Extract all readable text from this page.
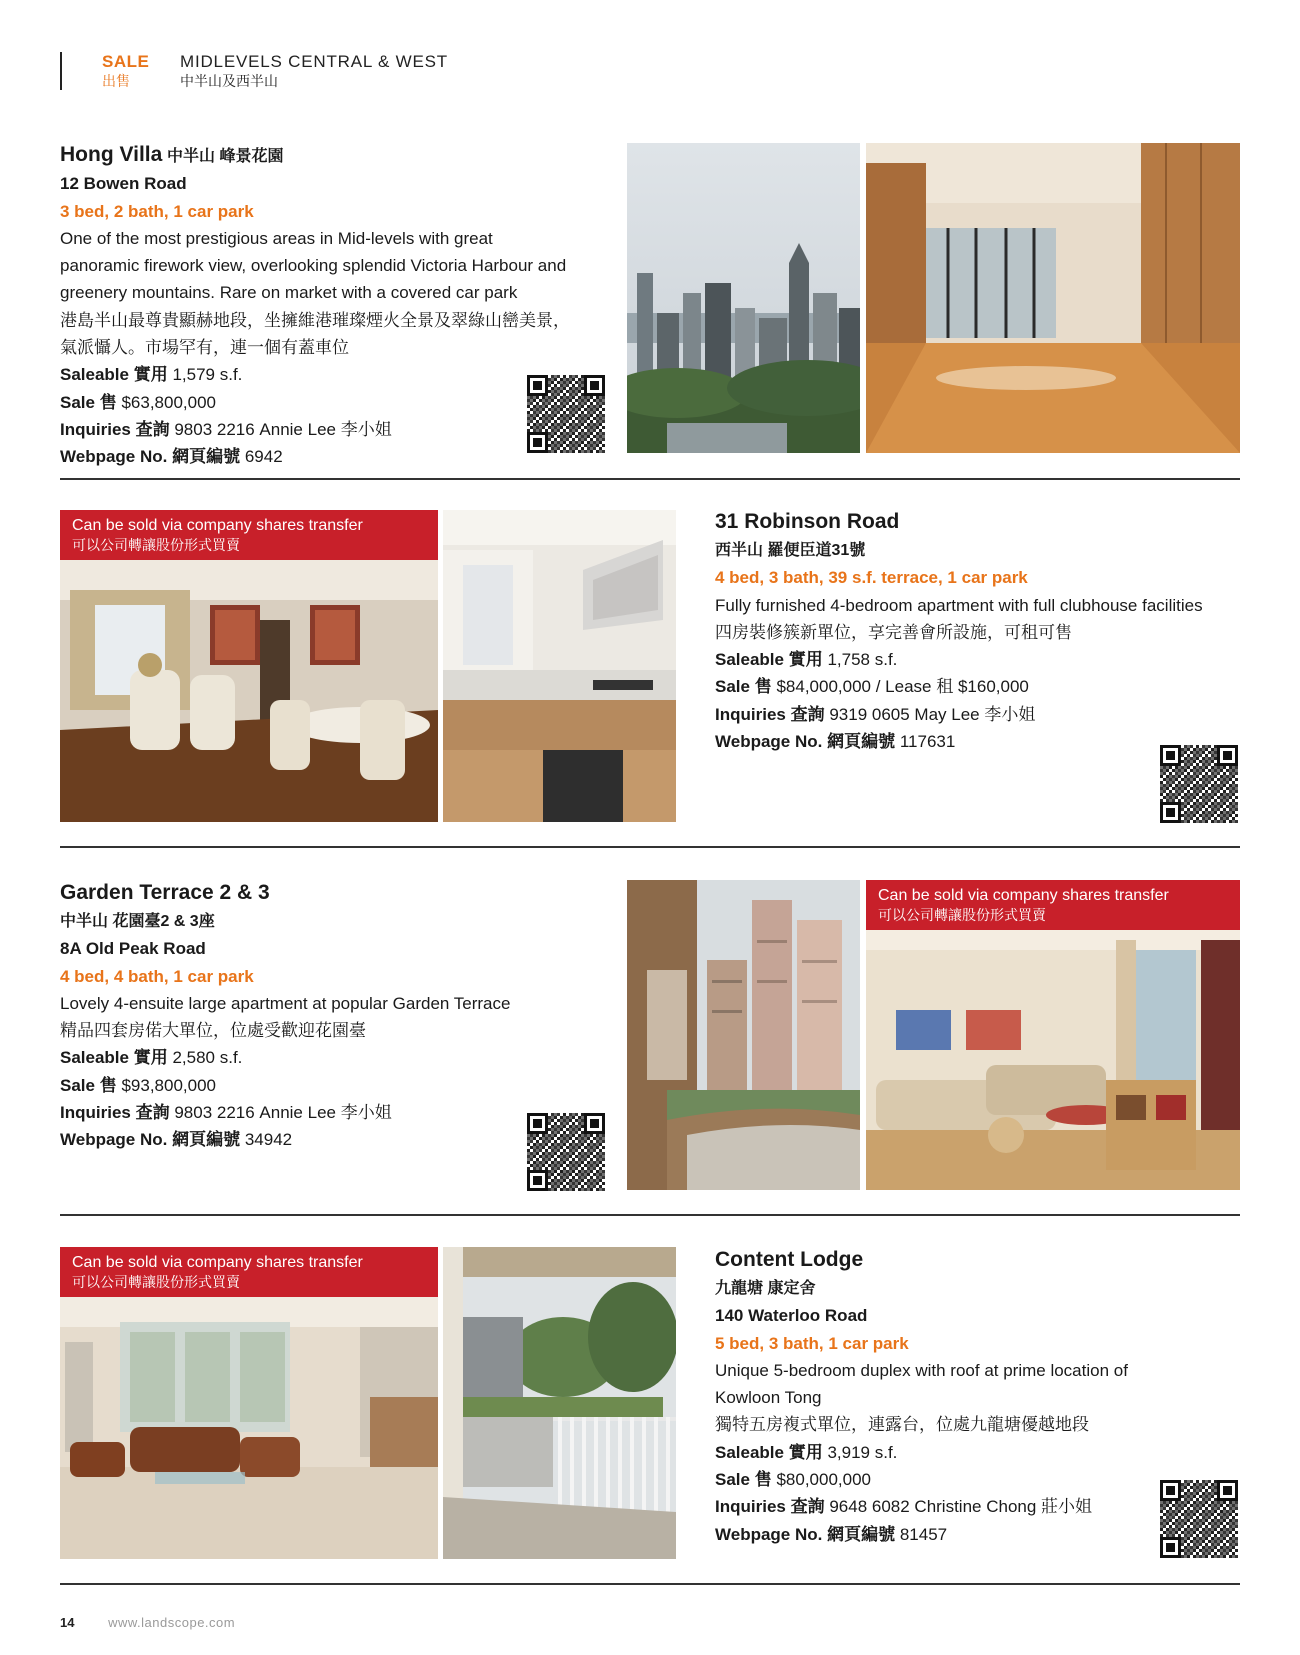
SALE
出售
MIDLEVELS CENTRAL & WEST
中半山及西半山
Hong Villa 中半山 峰景花園
12 Bowen Road
3 bed, 2 bath, 1 car park
One of the most prestigious areas in Mid-levels with great
panoramic firework view, overlooking splendid Victoria Harbour and
greenery mountains. Rare on market with a covered car park
港島半山最尊貴顯赫地段，坐擁維港璀璨煙火全景及翠綠山巒美景，
氣派懾人。市場罕有，連一個有蓋車位
Saleable 實用 1,579 s.f.
Sale 售 $63,800,000
Inquiries 查詢 9803 2216 Annie Lee 李小姐
Webpage No. 網頁編號 6942
Can be sold via company shares transfer
可以公司轉讓股份形式買賣
31 Robinson Road
西半山 羅便臣道31號
4 bed, 3 bath, 39 s.f. terrace, 1 car park
Fully furnished 4-bedroom apartment with full clubhouse facilities
四房裝修簇新單位，享完善會所設施，可租可售
Saleable 實用 1,758 s.f.
Sale 售 $84,000,000 / Lease 租 $160,000
Inquiries 查詢 9319 0605 May Lee 李小姐
Webpage No. 網頁編號 117631
Garden Terrace 2 & 3
中半山 花園臺2 & 3座
8A Old Peak Road
4 bed, 4 bath, 1 car park
Lovely 4-ensuite large apartment at popular Garden Terrace
精品四套房偌大單位，位處受歡迎花園臺
Saleable 實用 2,580 s.f.
Sale 售 $93,800,000
Inquiries 查詢 9803 2216 Annie Lee 李小姐
Webpage No. 網頁編號 34942
Can be sold via company shares transfer
可以公司轉讓股份形式買賣
Can be sold via company shares transfer
可以公司轉讓股份形式買賣
Content Lodge
九龍塘 康定舍
140 Waterloo Road
5 bed, 3 bath, 1 car park
Unique 5-bedroom duplex with roof at prime location of
Kowloon Tong
獨特五房複式單位，連露台，位處九龍塘優越地段
Saleable 實用 3,919 s.f.
Sale 售 $80,000,000
Inquiries 查詢 9648 6082 Christine Chong 莊小姐
Webpage No. 網頁編號 81457
14	www.landscope.com
